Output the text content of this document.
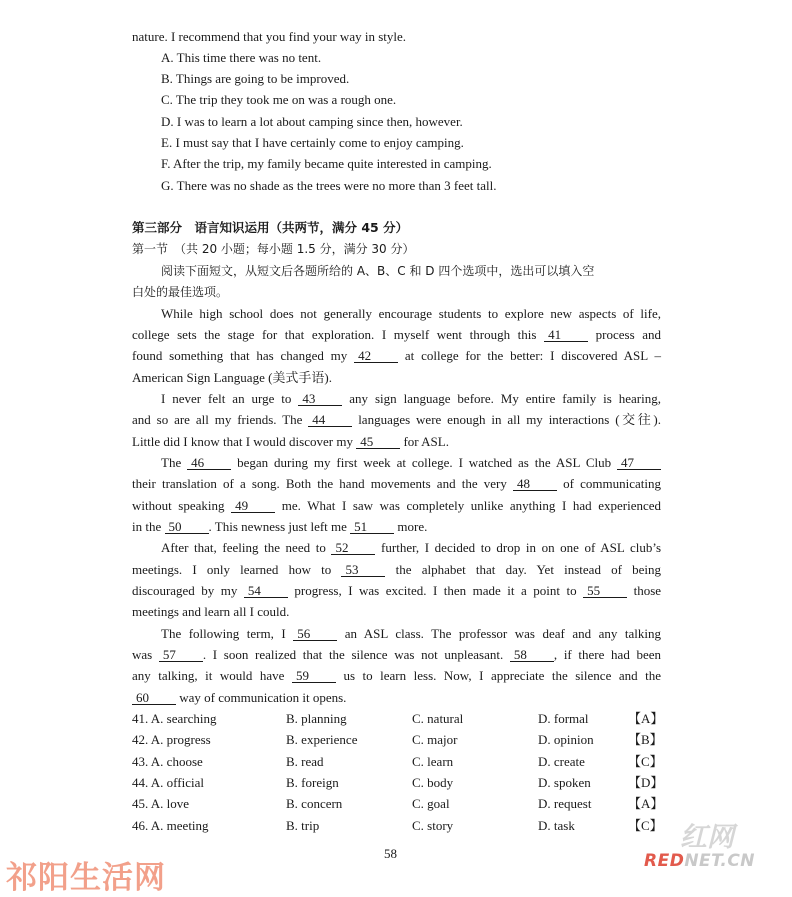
nature. I recommend that you find your way in style.
A. This time there was no tent.
B. Things are going to be improved.
C. The trip they took me on was a rough one.
D. I was to learn a lot about camping since then, however.
E. I must say that I have certainly come to enjoy camping.
F. After the trip, my family became quite interested in camping.
G. There was no shade as the trees were no more than 3 feet tall.
第三部分　语言知识运用（共两节，满分 45 分）
第一节　（共 20 小题；每小题 1.5 分，满分 30 分）
阅读下面短文，从短文后各题所给的 A、B、C 和 D 四个选项中，选出可以填入空
白处的最佳选项。
While high school does not generally encourage students to explore new aspects of life,
college sets the stage for that exploration. I myself went through this 41	process and
found something that has changed my 42	at college for the better: I discovered ASL –
American Sign Language (美式手语).
I never felt an urge to 43	any sign language before. My entire family is hearing,
and so are all my friends. The 44	languages were enough in all my interactions (交往).
Little did I know that I would discover my 45 for ASL.
The 46	began during my first week at college. I watched as the ASL Club 47
their translation of a song. Both the hand movements and the very 48	of communicating
without speaking 49	me. What I saw was completely unlike anything I had experienced
in the 50 . This newness just left me 51 more.
After that, feeling the need to 52	further, I decided to drop in on one of ASL club’s
meetings. I only learned how to 53	the alphabet that day. Yet instead of being
discouraged by my 54	progress, I was excited. I then made it a point to 55	those
meetings and learn all I could.
The following term, I 56	an ASL class. The professor was deaf and any talking
was 57 . I soon realized that the silence was not unpleasant. 58 , if there had been
any talking, it would have 59	us to learn less. Now, I appreciate the silence and the
60 way of communication it opens.
41. A. searching	B. planning	C. natural	D. formal	【A】
42. A. progress	B. experience	C. major	D. opinion	【B】
43. A. choose	B. read	C. learn	D. create	【C】
44. A. official	B. foreign	C. body	D. spoken	【D】
45. A. love	B. concern	C. goal	D. request	【A】
46. A. meeting	B. trip	C. story	D. task	【C】
58
祁阳生活网
红网
REDNET.CN
